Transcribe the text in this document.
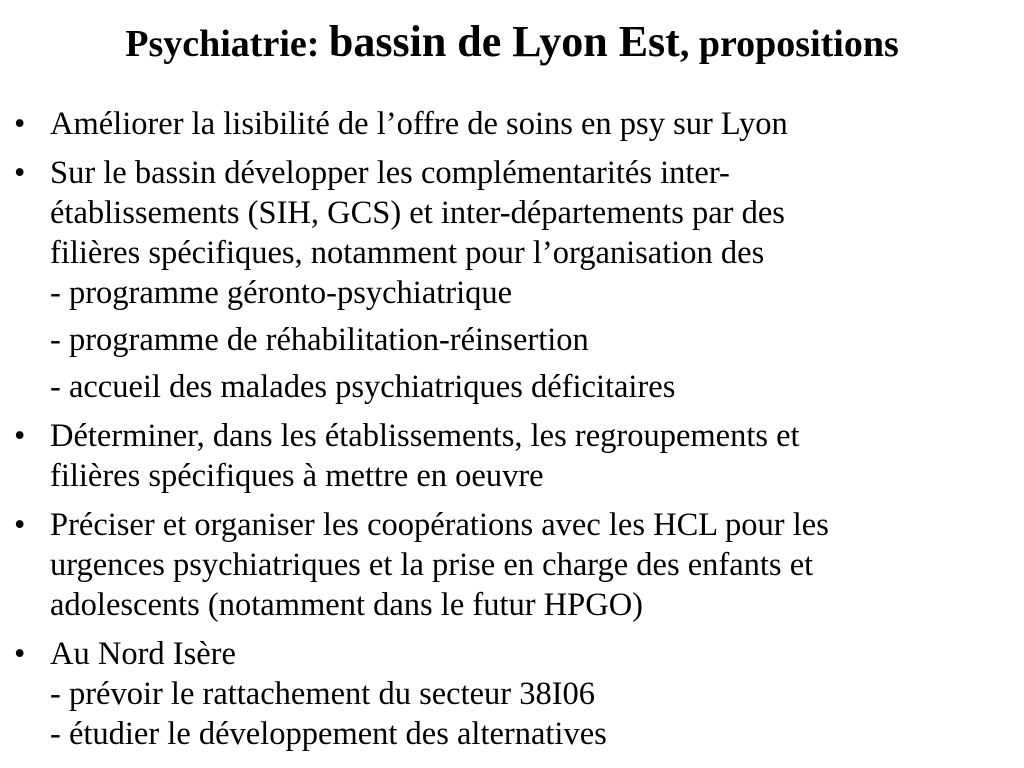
Psychiatrie: bassin de Lyon Est, propositions
• Améliorer la lisibilité de l’offre de soins en psy sur Lyon
• Sur le bassin développer les complémentarités inter-
établissements (SIH, GCS) et inter-départements par des
filières spécifiques, notamment pour l’organisation des
- programme géronto-psychiatrique
- programme de réhabilitation-réinsertion
- accueil des malades psychiatriques déficitaires
• Déterminer, dans les établissements, les regroupements et
filières spécifiques à mettre en oeuvre
• Préciser et organiser les coopérations avec les HCL pour les
urgences psychiatriques et la prise en charge des enfants et
adolescents (notamment dans le futur HPGO)
• Au Nord Isère
- prévoir le rattachement du secteur 38I06
- étudier le développement des alternatives
